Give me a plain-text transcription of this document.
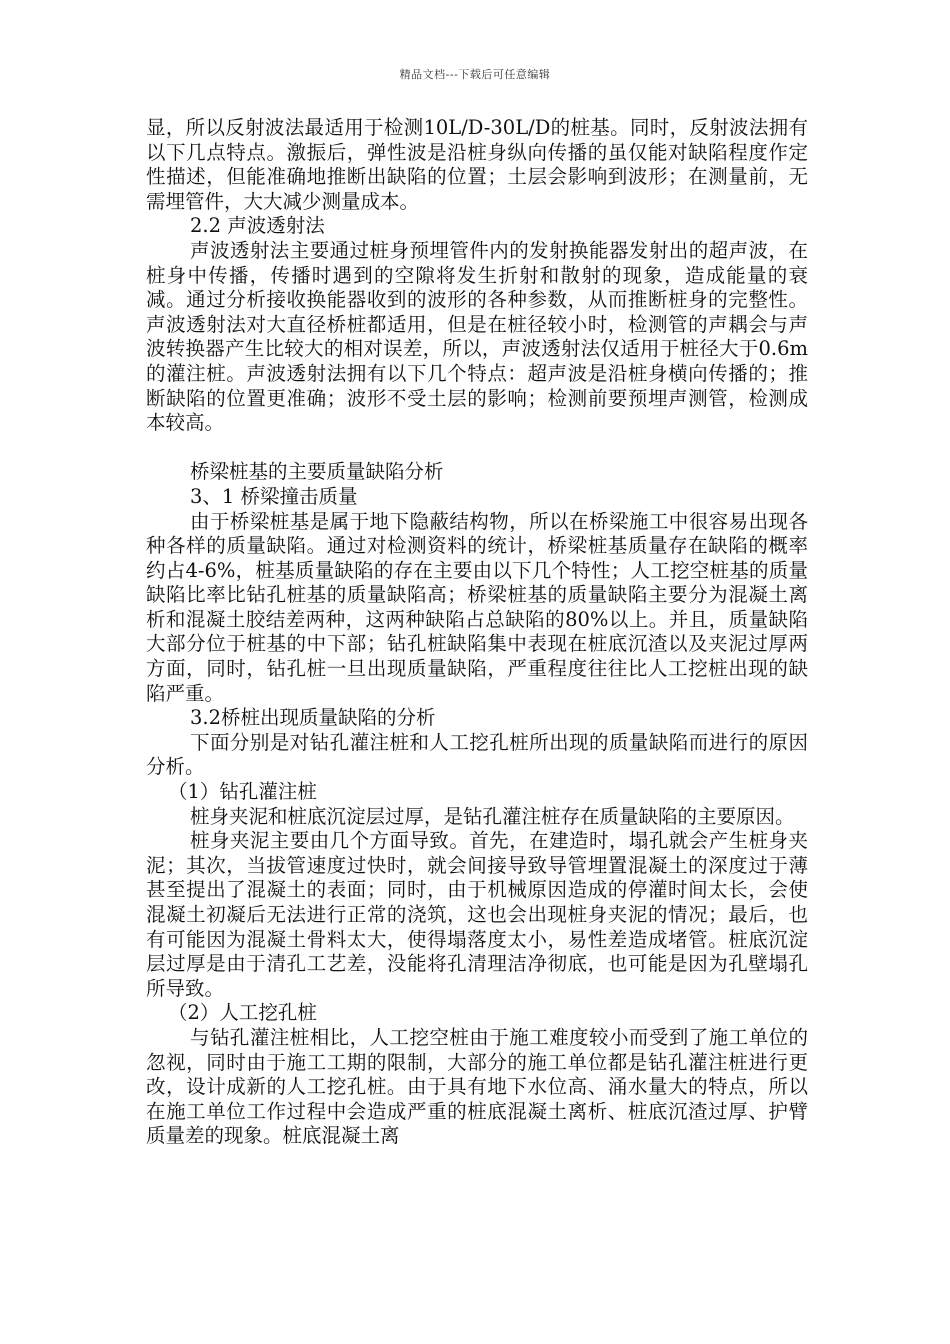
精品文档---下载后可任意编辑

显，所以反射波法最适用于检测10L/D-30L/D的桩基。同时，反射波法拥有以下几点特点。激振后，弹性波是沿桩身纵向传播的虽仅能对缺陷程度作定性描述，但能准确地推断出缺陷的位置；土层会影响到波形；在测量前，无需埋管件，大大减少测量成本。

2.2 声波透射法

声波透射法主要通过桩身预埋管件内的发射换能器发射出的超声波，在桩身中传播，传播时遇到的空隙将发生折射和散射的现象，造成能量的衰减。通过分析接收换能器收到的波形的各种参数，从而推断桩身的完整性。声波透射法对大直径桥桩都适用，但是在桩径较小时，检测管的声耦会与声波转换器产生比较大的相对误差，所以，声波透射法仅适用于桩径大于0.6m的灌注桩。声波透射法拥有以下几个特点：超声波是沿桩身横向传播的；推断缺陷的位置更准确；波形不受土层的影响；检测前要预埋声测管，检测成本较高。

桥梁桩基的主要质量缺陷分析

3、1 桥梁撞击质量

由于桥梁桩基是属于地下隐蔽结构物，所以在桥梁施工中很容易出现各种各样的质量缺陷。通过对检测资料的统计，桥梁桩基质量存在缺陷的概率约占4-6%，桩基质量缺陷的存在主要由以下几个特性；人工挖空桩基的质量缺陷比率比钻孔桩基的质量缺陷高；桥梁桩基的质量缺陷主要分为混凝土离析和混凝土胶结差两种，这两种缺陷占总缺陷的80%以上。并且，质量缺陷大部分位于桩基的中下部；钻孔桩缺陷集中表现在桩底沉渣以及夹泥过厚两方面，同时，钻孔桩一旦出现质量缺陷，严重程度往往比人工挖桩出现的缺陷严重。

3.2桥桩出现质量缺陷的分析

下面分别是对钻孔灌注桩和人工挖孔桩所出现的质量缺陷而进行的原因分析。

（1）钻孔灌注桩

桩身夹泥和桩底沉淀层过厚，是钻孔灌注桩存在质量缺陷的主要原因。

桩身夹泥主要由几个方面导致。首先，在建造时，塌孔就会产生桩身夹泥；其次，当拔管速度过快时，就会间接导致导管埋置混凝土的深度过于薄甚至提出了混凝土的表面；同时，由于机械原因造成的停灌时间太长，会使混凝土初凝后无法进行正常的浇筑，这也会出现桩身夹泥的情况；最后，也有可能因为混凝土骨料太大，使得塌落度太小，易性差造成堵管。桩底沉淀层过厚是由于清孔工艺差，没能将孔清理洁净彻底，也可能是因为孔壁塌孔所导致。

（2）人工挖孔桩

与钻孔灌注桩相比，人工挖空桩由于施工难度较小而受到了施工单位的忽视，同时由于施工工期的限制，大部分的施工单位都是钻孔灌注桩进行更改，设计成新的人工挖孔桩。由于具有地下水位高、涌水量大的特点，所以在施工单位工作过程中会造成严重的桩底混凝土离析、桩底沉渣过厚、护臂质量差的现象。桩底混凝土离
